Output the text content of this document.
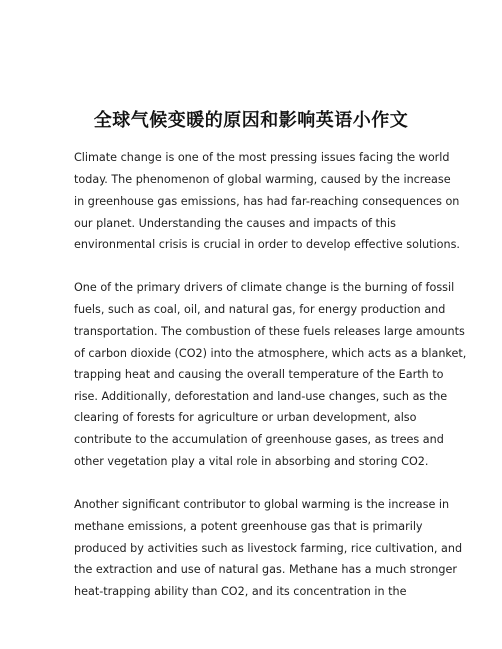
全球气候变暖的原因和影响英语小作文
Climate change is one of the most pressing issues facing the world
today. The phenomenon of global warming, caused by the increase
in greenhouse gas emissions, has had far-reaching consequences on
our planet. Understanding the causes and impacts of this
environmental crisis is crucial in order to develop effective solutions.
One of the primary drivers of climate change is the burning of fossil
fuels, such as coal, oil, and natural gas, for energy production and
transportation. The combustion of these fuels releases large amounts
of carbon dioxide (CO2) into the atmosphere, which acts as a blanket,
trapping heat and causing the overall temperature of the Earth to
rise. Additionally, deforestation and land-use changes, such as the
clearing of forests for agriculture or urban development, also
contribute to the accumulation of greenhouse gases, as trees and
other vegetation play a vital role in absorbing and storing CO2.
Another significant contributor to global warming is the increase in
methane emissions, a potent greenhouse gas that is primarily
produced by activities such as livestock farming, rice cultivation, and
the extraction and use of natural gas. Methane has a much stronger
heat-trapping ability than CO2, and its concentration in the
